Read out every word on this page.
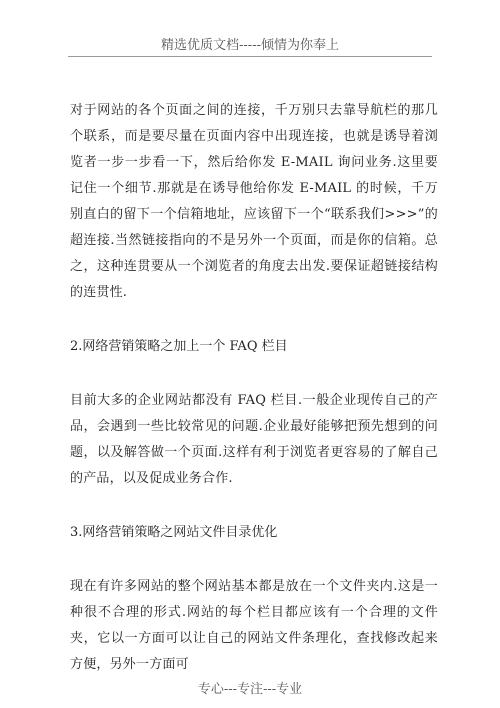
精选优质文档-----倾情为你奉上

对于网站的各个页面之间的连接，千万别只去靠导航栏的那几个联系，而是要尽量在页面内容中出现连接，也就是诱导着浏览者一步一步看一下，然后给你发 E-MAIL 询问业务.这里要记住一个细节.那就是在诱导他给你发 E-MAIL 的时候，千万别直白的留下一个信箱地址，应该留下一个“联系我们>>>”的超连接.当然链接指向的不是另外一个页面，而是你的信箱。总之，这种连贯要从一个浏览者的角度去出发.要保证超链接结构的连贯性.

2.网络营销策略之加上一个 FAQ 栏目

目前大多的企业网站都没有 FAQ 栏目.一般企业现传自己的产品，会遇到一些比较常见的问题.企业最好能够把预先想到的问题，以及解答做一个页面.这样有利于浏览者更容易的了解自己的产品，以及促成业务合作.

3.网络营销策略之网站文件目录优化

现在有许多网站的整个网站基本都是放在一个文件夹内.这是一种很不合理的形式.网站的每个栏目都应该有一个合理的文件夹，它以一方面可以让自己的网站文件条理化，查找修改起来方便，另外一方面可

专心---专注---专业
